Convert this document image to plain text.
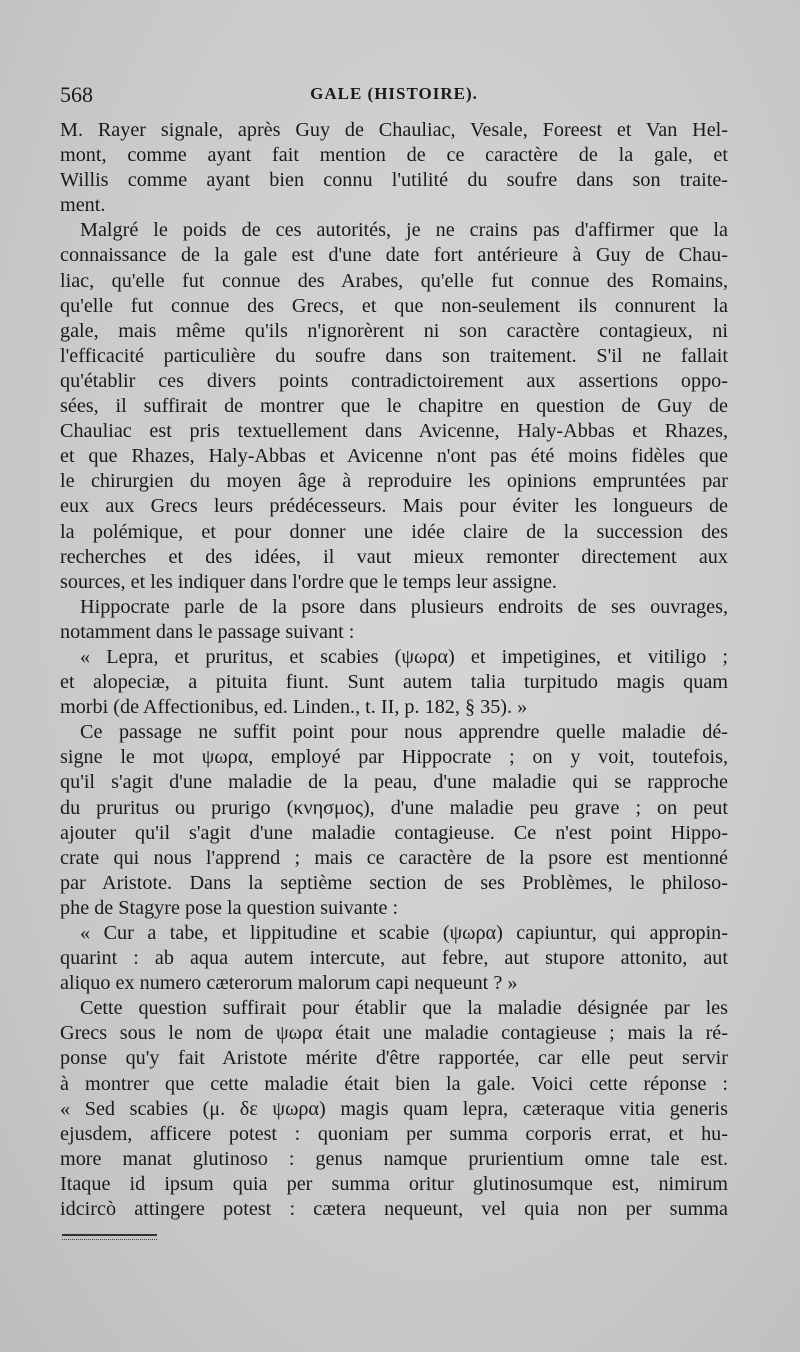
568	GALE (HISTOIRE).
M. Rayer signale, après Guy de Chauliac, Vesale, Foreest et Van Hel-
mont, comme ayant fait mention de ce caractère de la gale, et
Willis comme ayant bien connu l'utilité du soufre dans son traite-
ment.
Malgré le poids de ces autorités, je ne crains pas d'affirmer que la
connaissance de la gale est d'une date fort antérieure à Guy de Chau-
liac, qu'elle fut connue des Arabes, qu'elle fut connue des Romains,
qu'elle fut connue des Grecs, et que non-seulement ils connurent la
gale, mais même qu'ils n'ignorèrent ni son caractère contagieux, ni
l'efficacité particulière du soufre dans son traitement. S'il ne fallait
qu'établir ces divers points contradictoirement aux assertions oppo-
sées, il suffirait de montrer que le chapitre en question de Guy de
Chauliac est pris textuellement dans Avicenne, Haly-Abbas et Rhazes,
et que Rhazes, Haly-Abbas et Avicenne n'ont pas été moins fidèles que
le chirurgien du moyen âge à reproduire les opinions empruntées par
eux aux Grecs leurs prédécesseurs. Mais pour éviter les longueurs de
la polémique, et pour donner une idée claire de la succession des
recherches et des idées, il vaut mieux remonter directement aux
sources, et les indiquer dans l'ordre que le temps leur assigne.
Hippocrate parle de la psore dans plusieurs endroits de ses ouvrages,
notamment dans le passage suivant :
« Lepra, et pruritus, et scabies (ψωρα) et impetigines, et vitiligo ;
et alopeciæ, a pituita fiunt. Sunt autem talia turpitudo magis quam
morbi (de Affectionibus, ed. Linden., t. II, p. 182, § 35). »
Ce passage ne suffit point pour nous apprendre quelle maladie dé-
signe le mot ψωρα, employé par Hippocrate ; on y voit, toutefois,
qu'il s'agit d'une maladie de la peau, d'une maladie qui se rapproche
du pruritus ou prurigo (κνησμος), d'une maladie peu grave ; on peut
ajouter qu'il s'agit d'une maladie contagieuse. Ce n'est point Hippo-
crate qui nous l'apprend ; mais ce caractère de la psore est mentionné
par Aristote. Dans la septième section de ses Problèmes, le philoso-
phe de Stagyre pose la question suivante :
« Cur a tabe, et lippitudine et scabie (ψωρα) capiuntur, qui appropin-
quarint : ab aqua autem intercute, aut febre, aut stupore attonito, aut
aliquo ex numero cæterorum malorum capi nequeunt ? »
Cette question suffirait pour établir que la maladie désignée par les
Grecs sous le nom de ψωρα était une maladie contagieuse ; mais la ré-
ponse qu'y fait Aristote mérite d'être rapportée, car elle peut servir
à montrer que cette maladie était bien la gale. Voici cette réponse :
« Sed scabies (μ. δε ψωρα) magis quam lepra, cæteraque vitia generis
ejusdem, afficere potest : quoniam per summa corporis errat, et hu-
more manat glutinoso : genus namque prurientium omne tale est.
Itaque id ipsum quia per summa oritur glutinosumque est, nimirum
idcircò attingere potest : cætera nequeunt, vel quia non per summa
